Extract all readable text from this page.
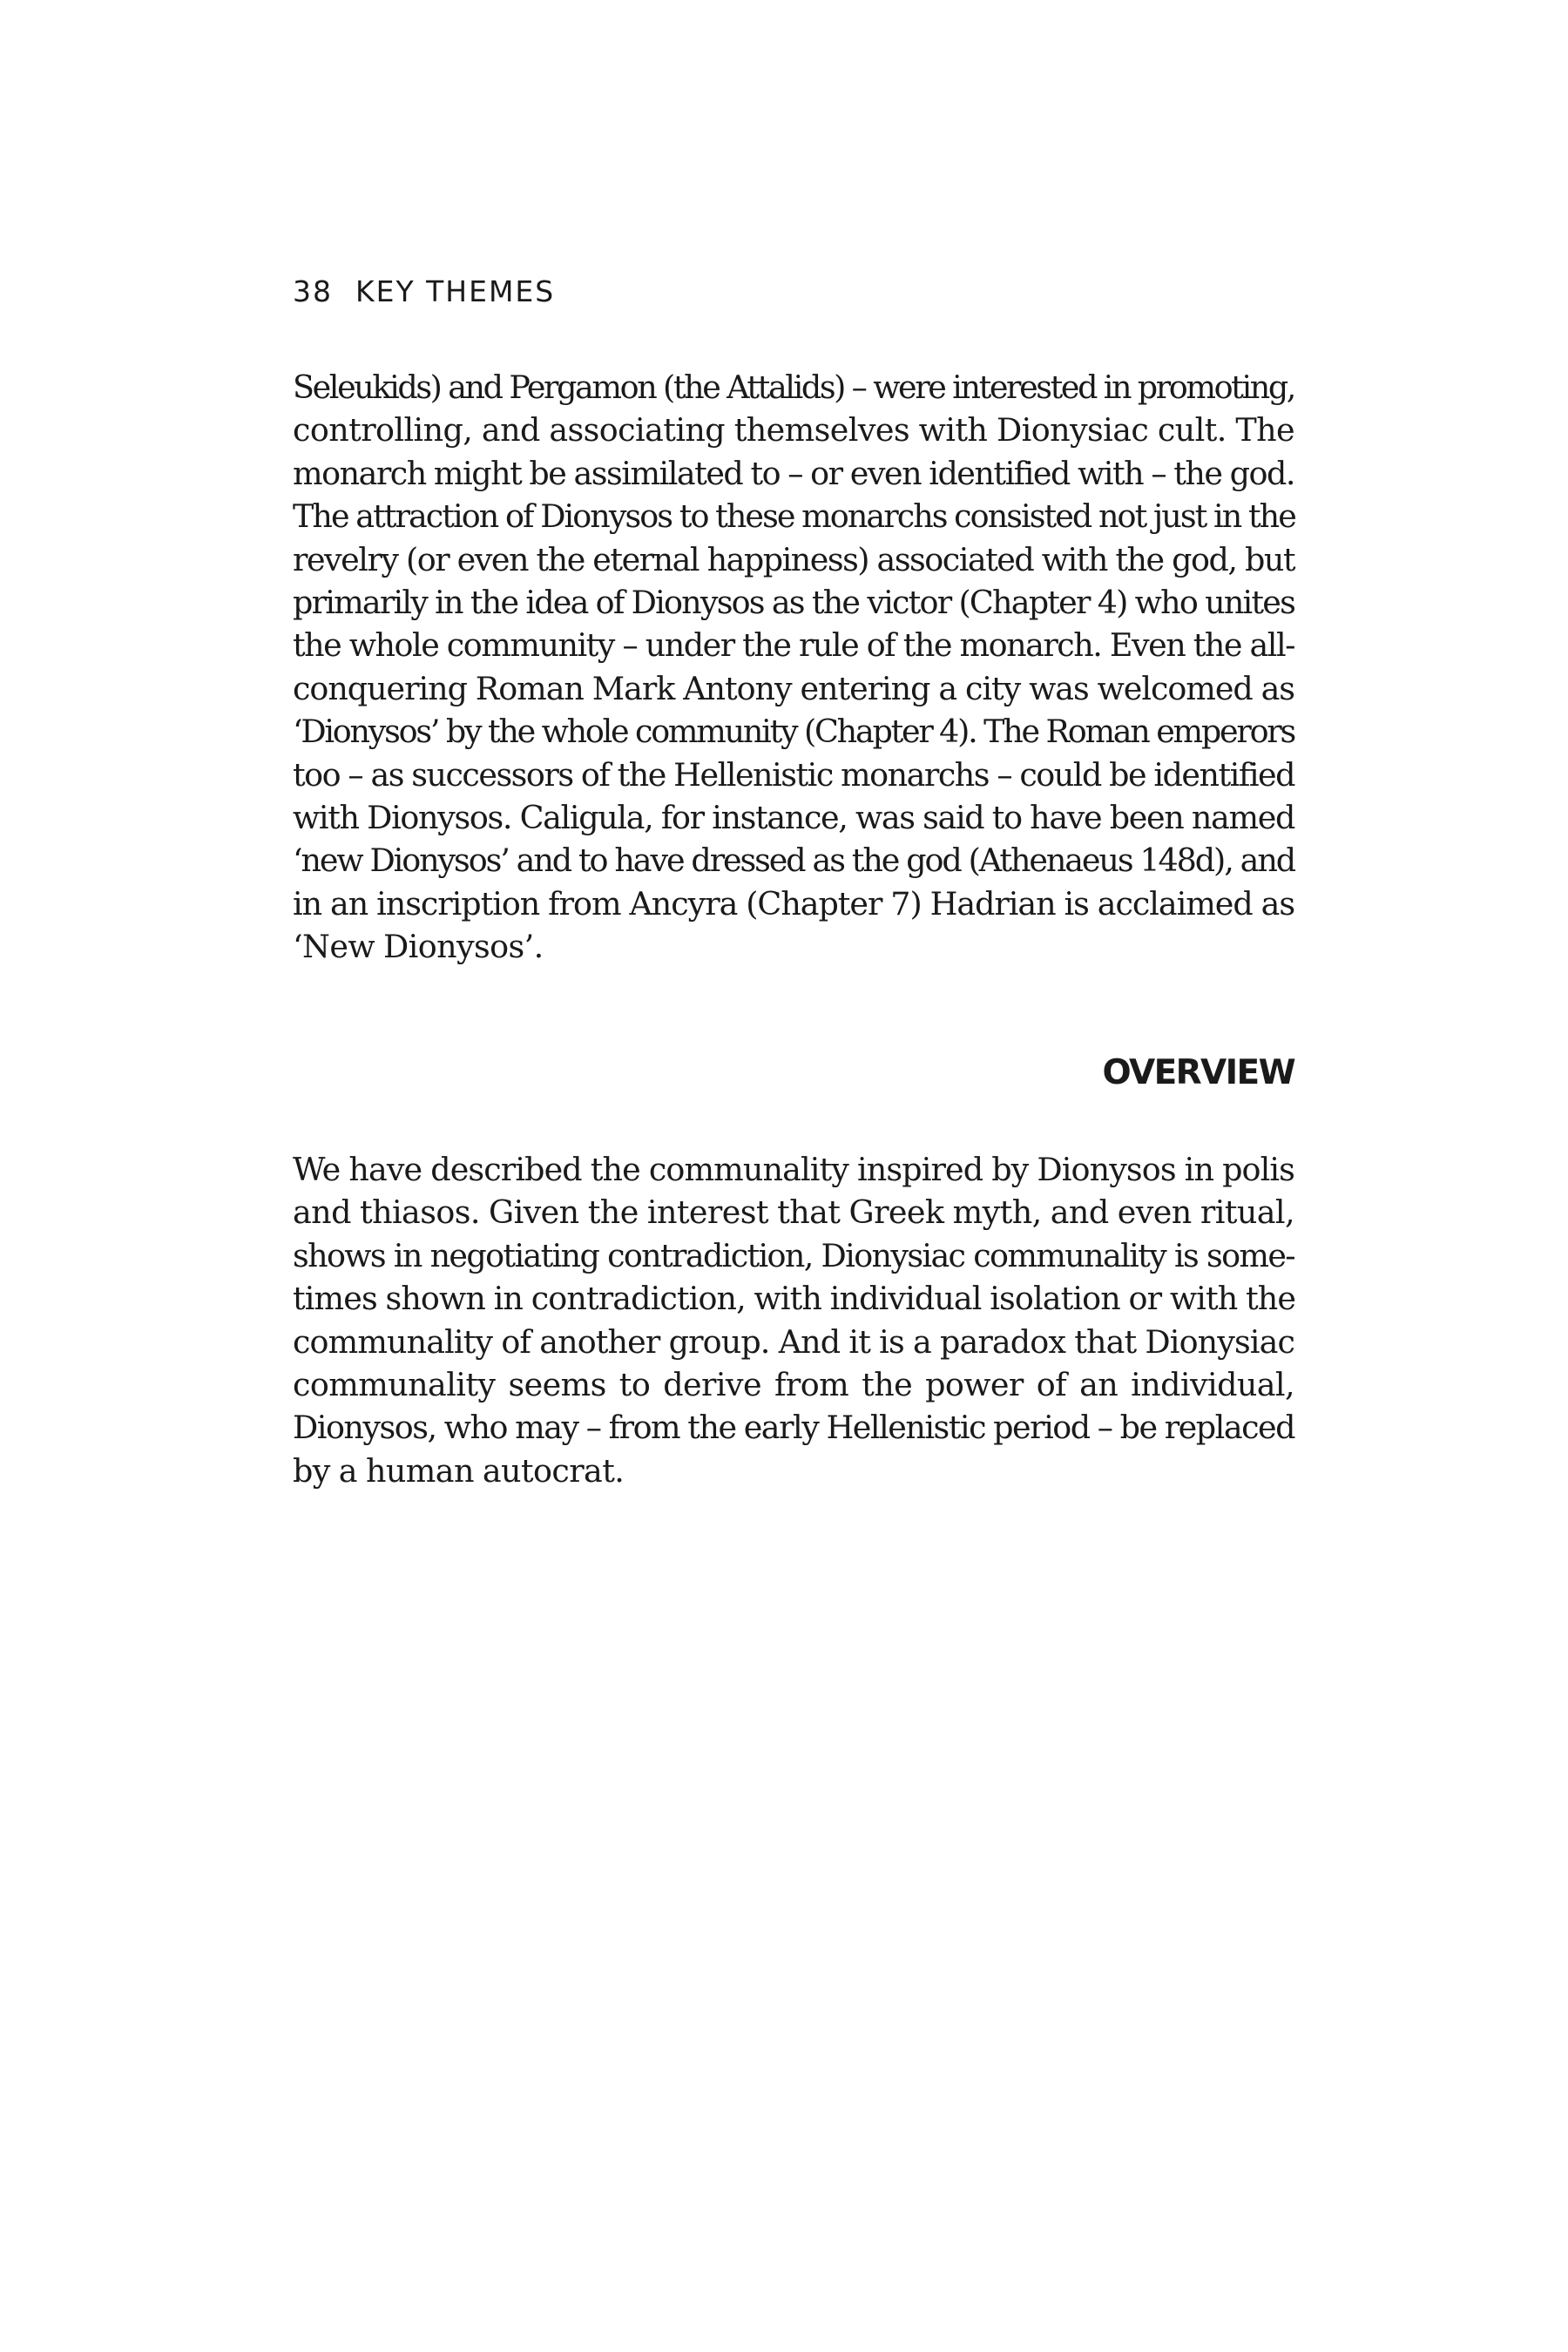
38 KEY THEMES
Seleukids) and Pergamon (the Attalids) – were interested in promoting,
controlling, and associating themselves with Dionysiac cult. The
monarch might be assimilated to – or even identified with – the god.
The attraction of Dionysos to these monarchs consisted not just in the
revelry (or even the eternal happiness) associated with the god, but
primarily in the idea of Dionysos as the victor (Chapter 4) who unites
the whole community – under the rule of the monarch. Even the all-
conquering Roman Mark Antony entering a city was welcomed as
‘Dionysos’ by the whole community (Chapter 4). The Roman emperors
too – as successors of the Hellenistic monarchs – could be identified
with Dionysos. Caligula, for instance, was said to have been named
‘new Dionysos’ and to have dressed as the god (Athenaeus 148d), and
in an inscription from Ancyra (Chapter 7) Hadrian is acclaimed as
‘New Dionysos’.
OVERVIEW
We have described the communality inspired by Dionysos in polis
and thiasos. Given the interest that Greek myth, and even ritual,
shows in negotiating contradiction, Dionysiac communality is some-
times shown in contradiction, with individual isolation or with the
communality of another group. And it is a paradox that Dionysiac
communality seems to derive from the power of an individual,
Dionysos, who may – from the early Hellenistic period – be replaced
by a human autocrat.
